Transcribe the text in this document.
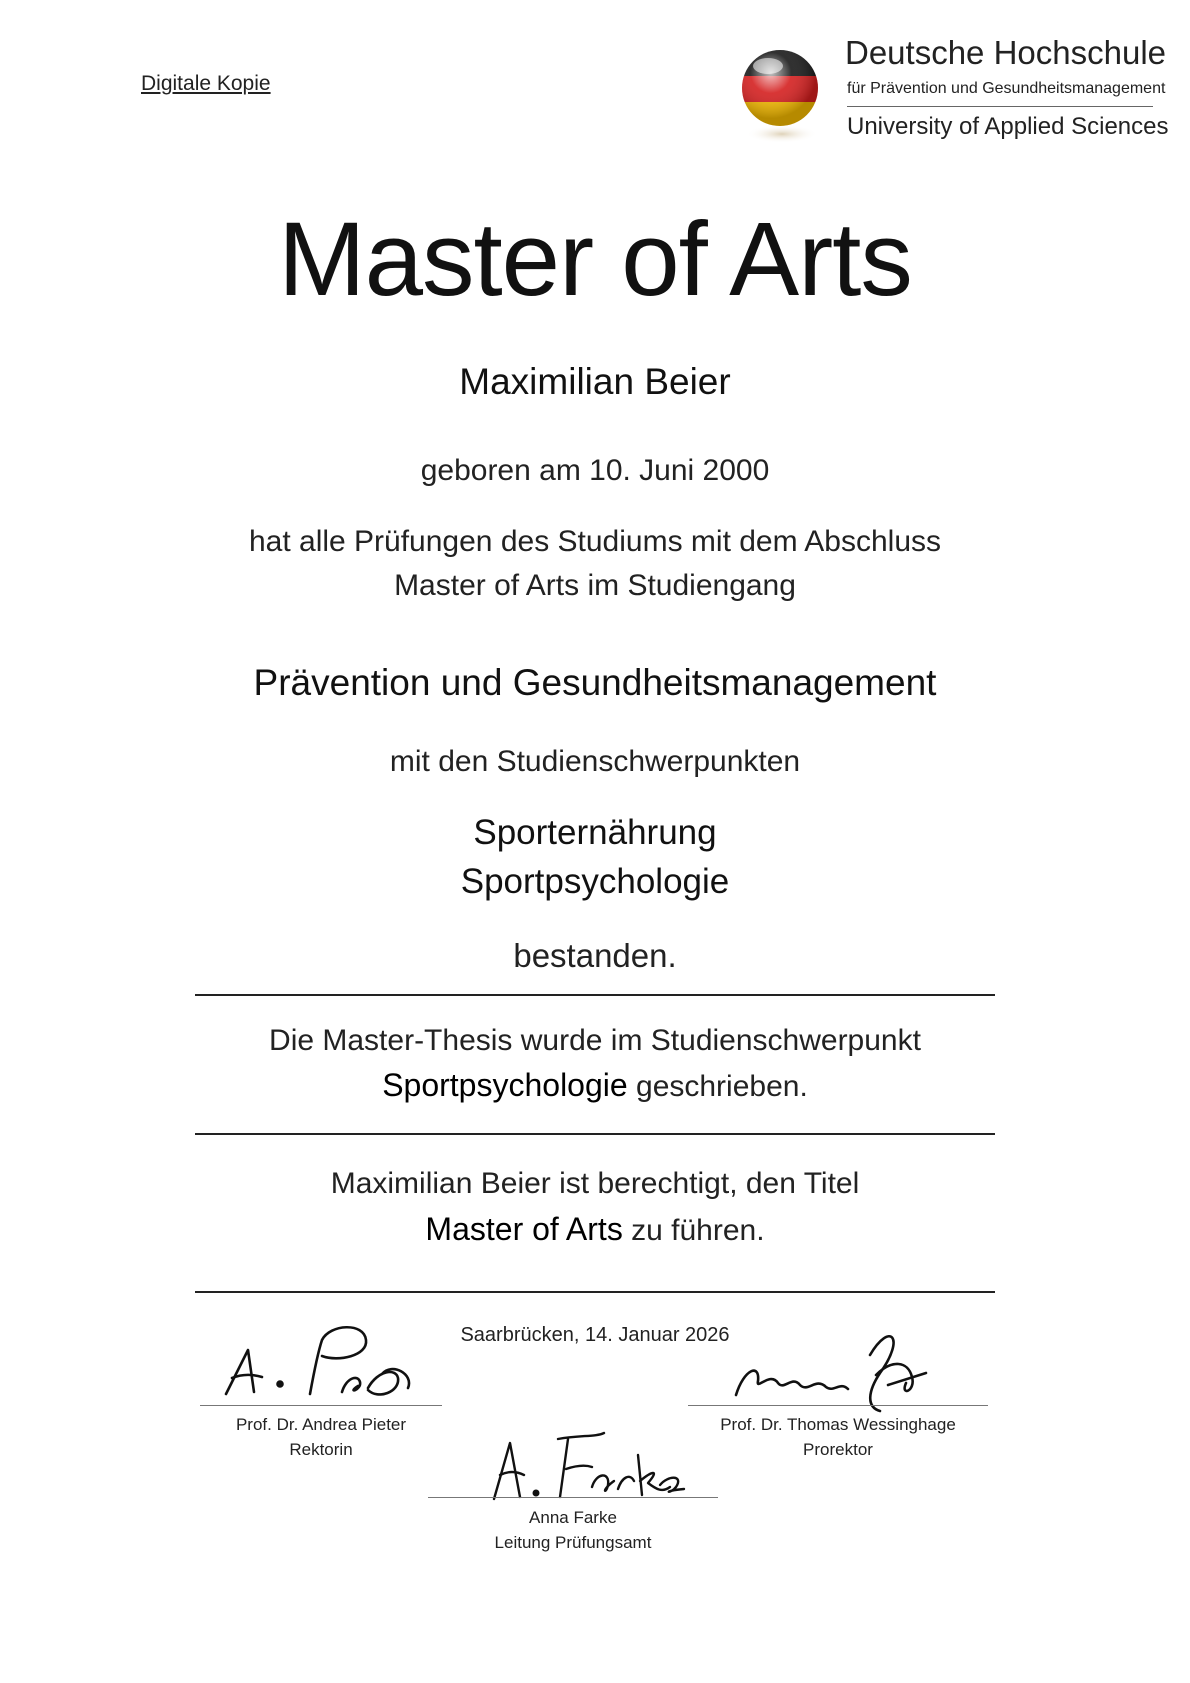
Digitale Kopie
Deutsche Hochschule
für Prävention und Gesundheitsmanagement
University of Applied Sciences
Master of Arts
Maximilian Beier
geboren am 10. Juni 2000
hat alle Prüfungen des Studiums mit dem Abschluss
Master of Arts im Studiengang
Prävention und Gesundheitsmanagement
mit den Studienschwerpunkten
Sporternährung
Sportpsychologie
bestanden.
Die Master-Thesis wurde im Studienschwerpunkt
Sportpsychologie geschrieben.
Maximilian Beier ist berechtigt, den Titel
Master of Arts zu führen.
Saarbrücken, 14. Januar 2026
Prof. Dr. Andrea Pieter
Rektorin
Prof. Dr. Thomas Wessinghage
Prorektor
Anna Farke
Leitung Prüfungsamt
